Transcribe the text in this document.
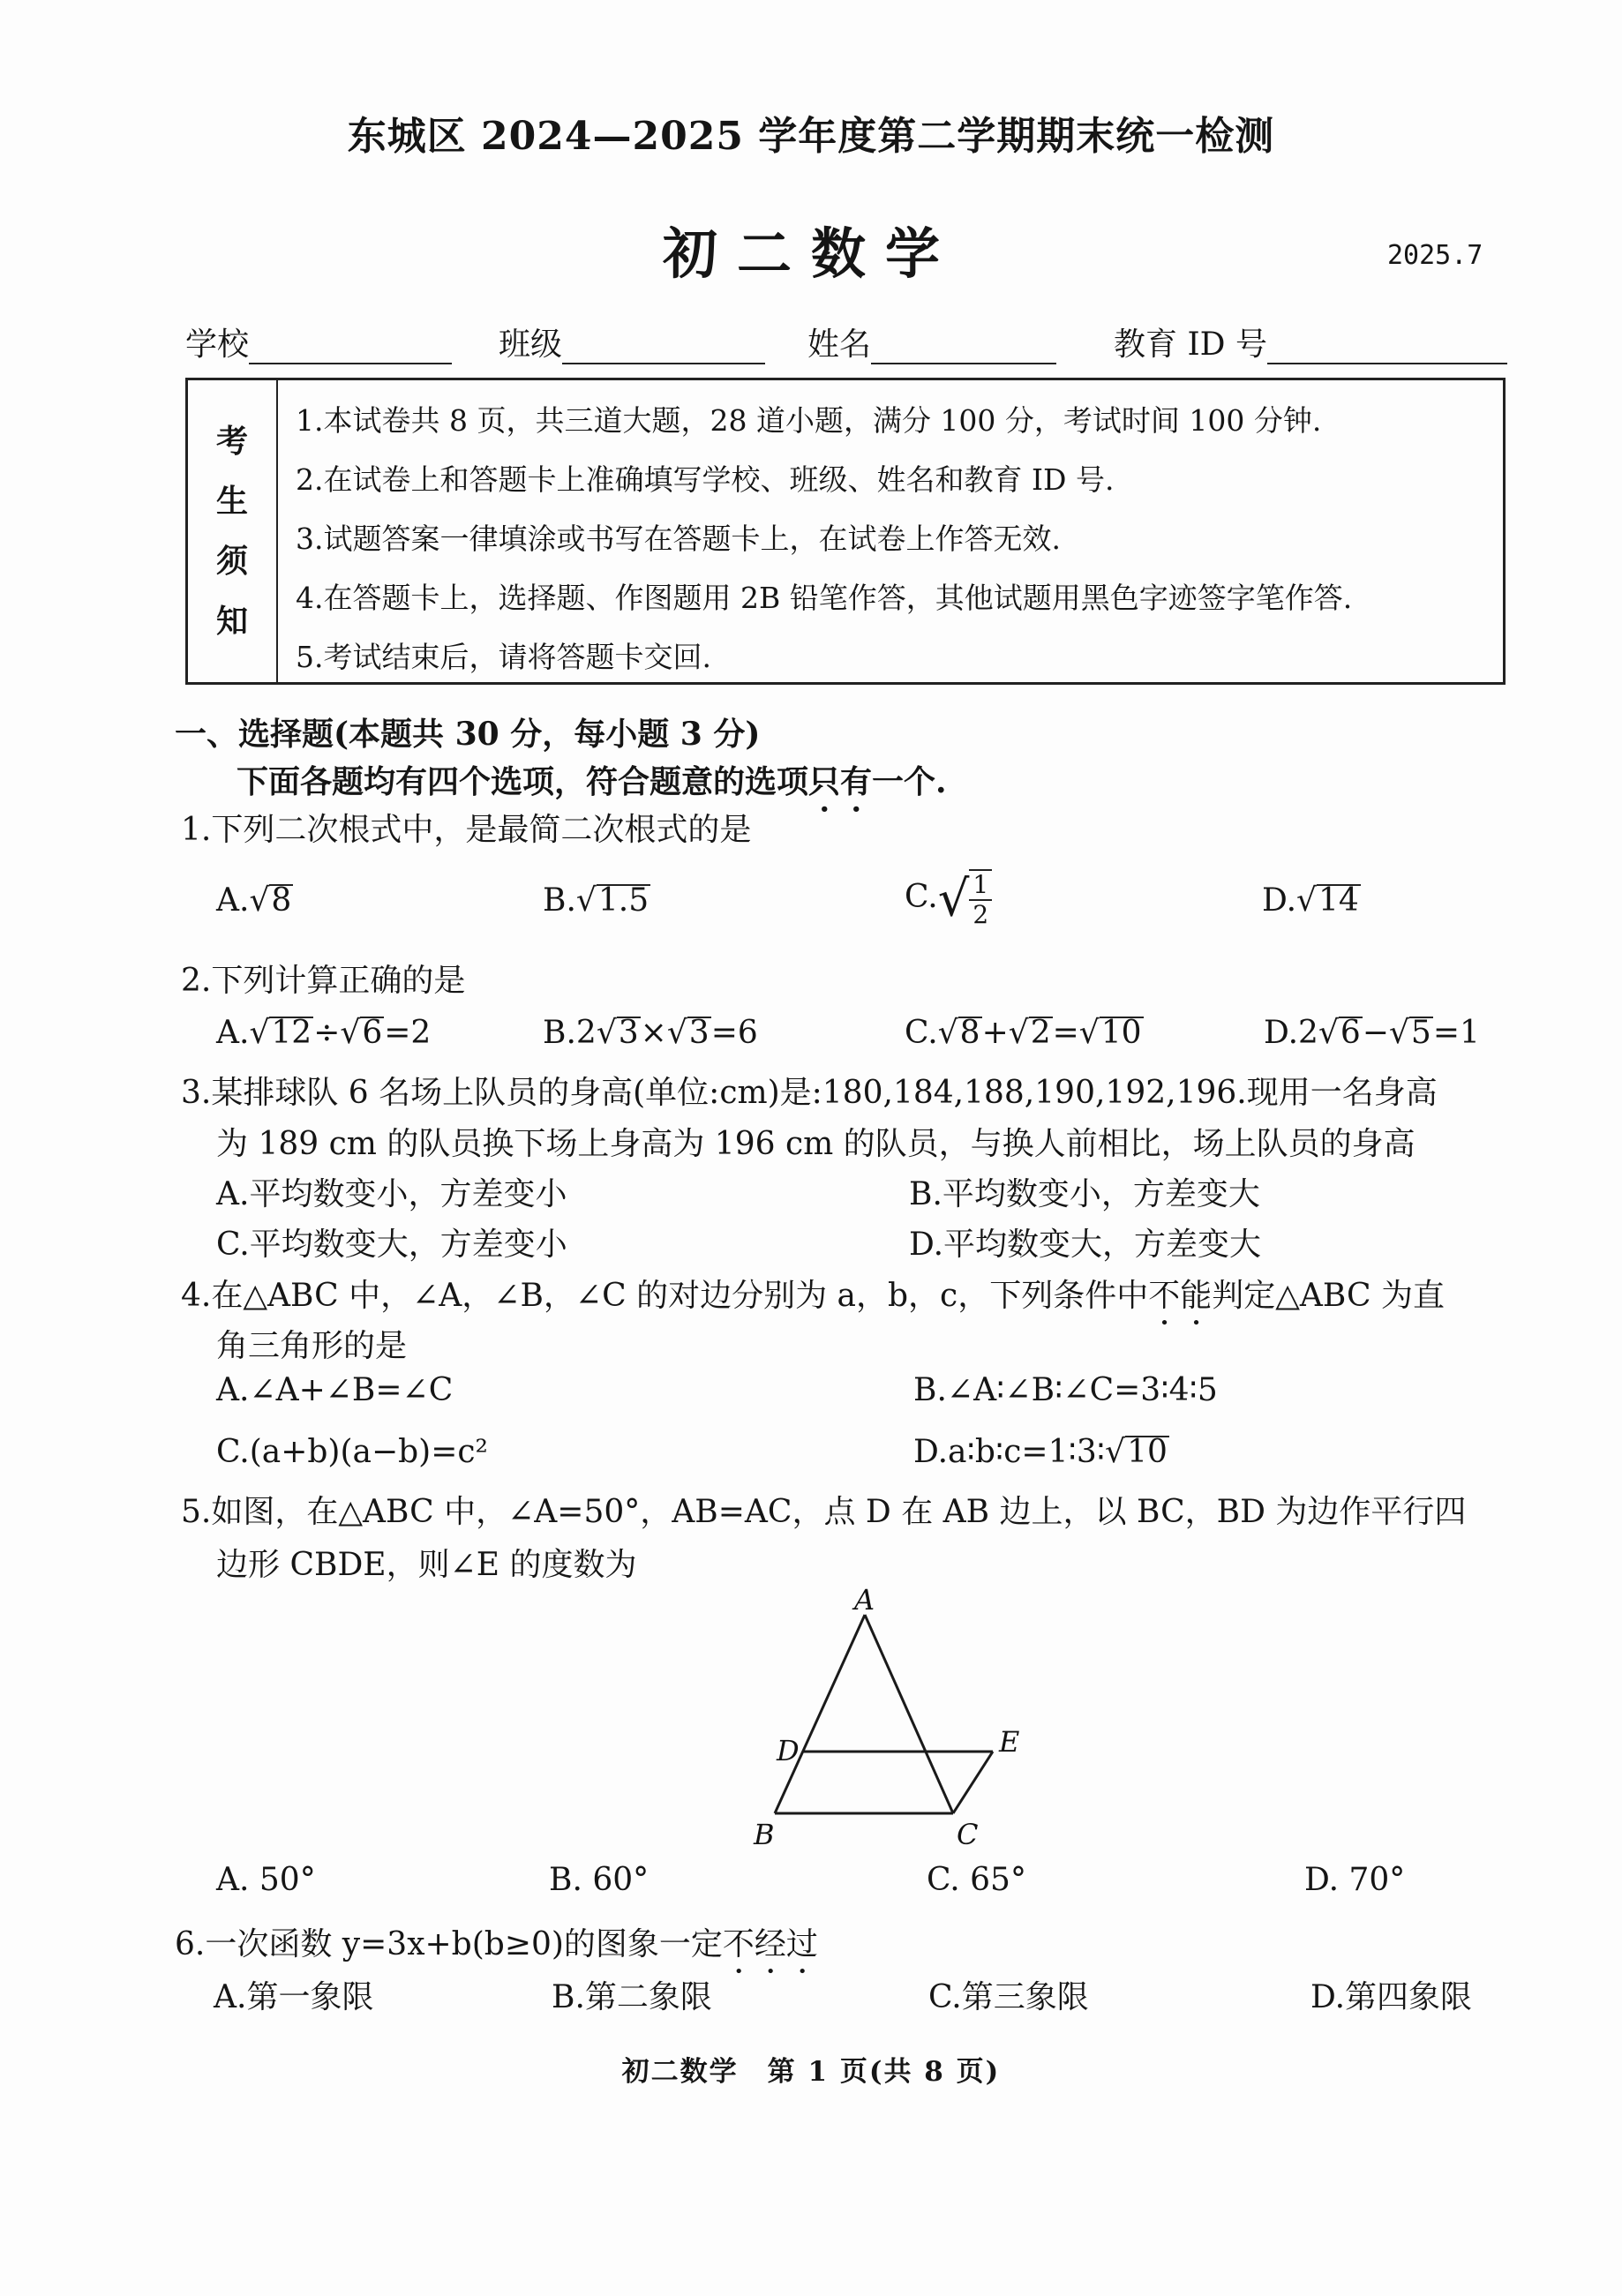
东城区 2024—2025 学年度第二学期期末统一检测
初二数学	2025.7
学校	班级	姓名	教育 ID 号
考
生
须
知
1.本试卷共 8 页，共三道大题，28 道小题，满分 100 分，考试时间 100 分钟.
2.在试卷上和答题卡上准确填写学校、班级、姓名和教育 ID 号.
3.试题答案一律填涂或书写在答题卡上，在试卷上作答无效.
4.在答题卡上，选择题、作图题用 2B 铅笔作答，其他试题用黑色字迹签字笔作答.
5.考试结束后，请将答题卡交回.
一、选择题(本题共 30 分，每小题 3 分)
下面各题均有四个选项，符合题意的选项只有一个.
1.下列二次根式中，是最简二次根式的是
A.√8	B.√1.5	$C.√ \frac{1}{2}$	D.√14
2.下列计算正确的是
A.√12÷√6=2	B.2√3×√3=6	C.√8+√2=√10	D.2√6−√5=1
3.某排球队 6 名场上队员的身高(单位:cm)是:180,184,188,190,192,196.现用一名身高
为 189 cm 的队员换下场上身高为 196 cm 的队员，与换人前相比，场上队员的身高
A.平均数变小，方差变小	B.平均数变小，方差变大
C.平均数变大，方差变小	D.平均数变大，方差变大
4.在△ABC 中，∠A，∠B，∠C 的对边分别为 a，b，c，下列条件中不能判定△ABC 为直
角三角形的是
A.∠A+∠B=∠C	B.∠A∶∠B∶∠C=3∶4∶5
C.(a+b)(a−b)=c²	D.a∶b∶c=1∶3∶√10
5.如图，在△ABC 中，∠A=50°，AB=AC，点 D 在 AB 边上，以 BC，BD 为边作平行四
边形 CBDE，则∠E 的度数为
A
D	E
B	C
A. 50°	B. 60°	C. 65°	D. 70°
6.一次函数 y=3x+b(b≥0)的图象一定不经过
A.第一象限	B.第二象限	C.第三象限	D.第四象限
初二数学　第 1 页(共 8 页)
